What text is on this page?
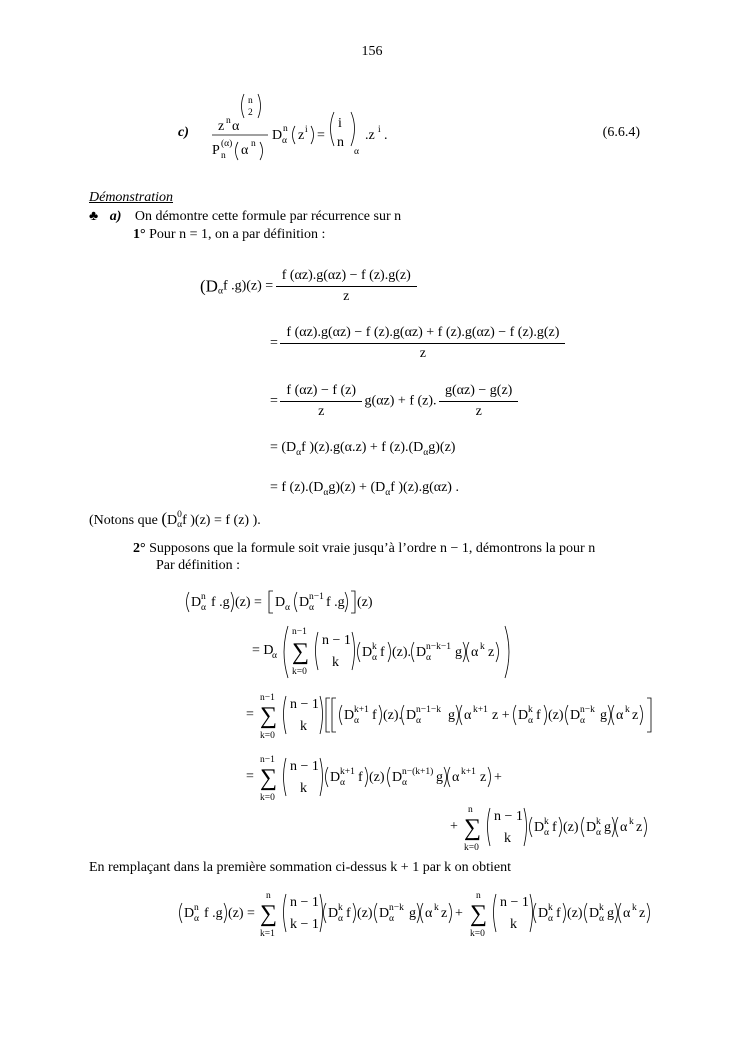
156
c) z n α
n
2
P (α)
n α n
D n
α z i =
i
n
α
.z i .	(6.6.4)
Démonstration
♣ a) On démontre cette formule par récurrence sur n
1° Pour n = 1, on a par définition :
($D_\alpha f$ $.g)(z) = \frac{f (\alpha z).g(\alpha z) - f (z).g(z)}{z}$
= $\frac{f (\alpha z).g(\alpha z) - f (z).g(\alpha z) + f (z).g(\alpha z) - f (z).g(z)}{z}$
= $\frac{f (\alpha z) - f (z)}{z} g(\alpha z) + f$ (z). $\frac{g(\alpha z) - g(z)}{z}$
= ($D_\alpha f$ )(z).g(α.z) + f $(z).(D_\alpha g)(z)$
= f $(z).(D_\alpha g)(z) + (D_\alpha f$ )(z).g(αz) .
(Notons que (D 0
α f )(z) = f (z) ).
2° Supposons que la formule soit vraie jusqu’à l’ordre n − 1, démontrons la pour n
Par définition :
D n
α f .g (z) = D α D n−1
α f .g (z)
= D
α
n−1
∑
k=0
n − 1
k
D k
α f (z). D n−k−1
α g α k z
=
n−1
∑
k=0
n − 1
k
D k+1
α f (z). D n−1−k
α g α k+1 z + D k
α f (z) D n−k
α g α k z
=
n−1
∑
k=0
n − 1
k
D k+1
α f (z) D n−(k+1)
α g α k+1 z +
+
n
∑
k=0
n − 1
k
D k
α f (z) D k
α g α k z
En remplaçant dans la première sommation ci-dessus k + 1 par k on obtient
D n
α f .g (z) =
n
∑
k=1
n − 1
k − 1
D k
α f (z) D n−k
α g α k z +
n
∑
k=0
n − 1
k
D k
α f (z) D k
α g α k z
